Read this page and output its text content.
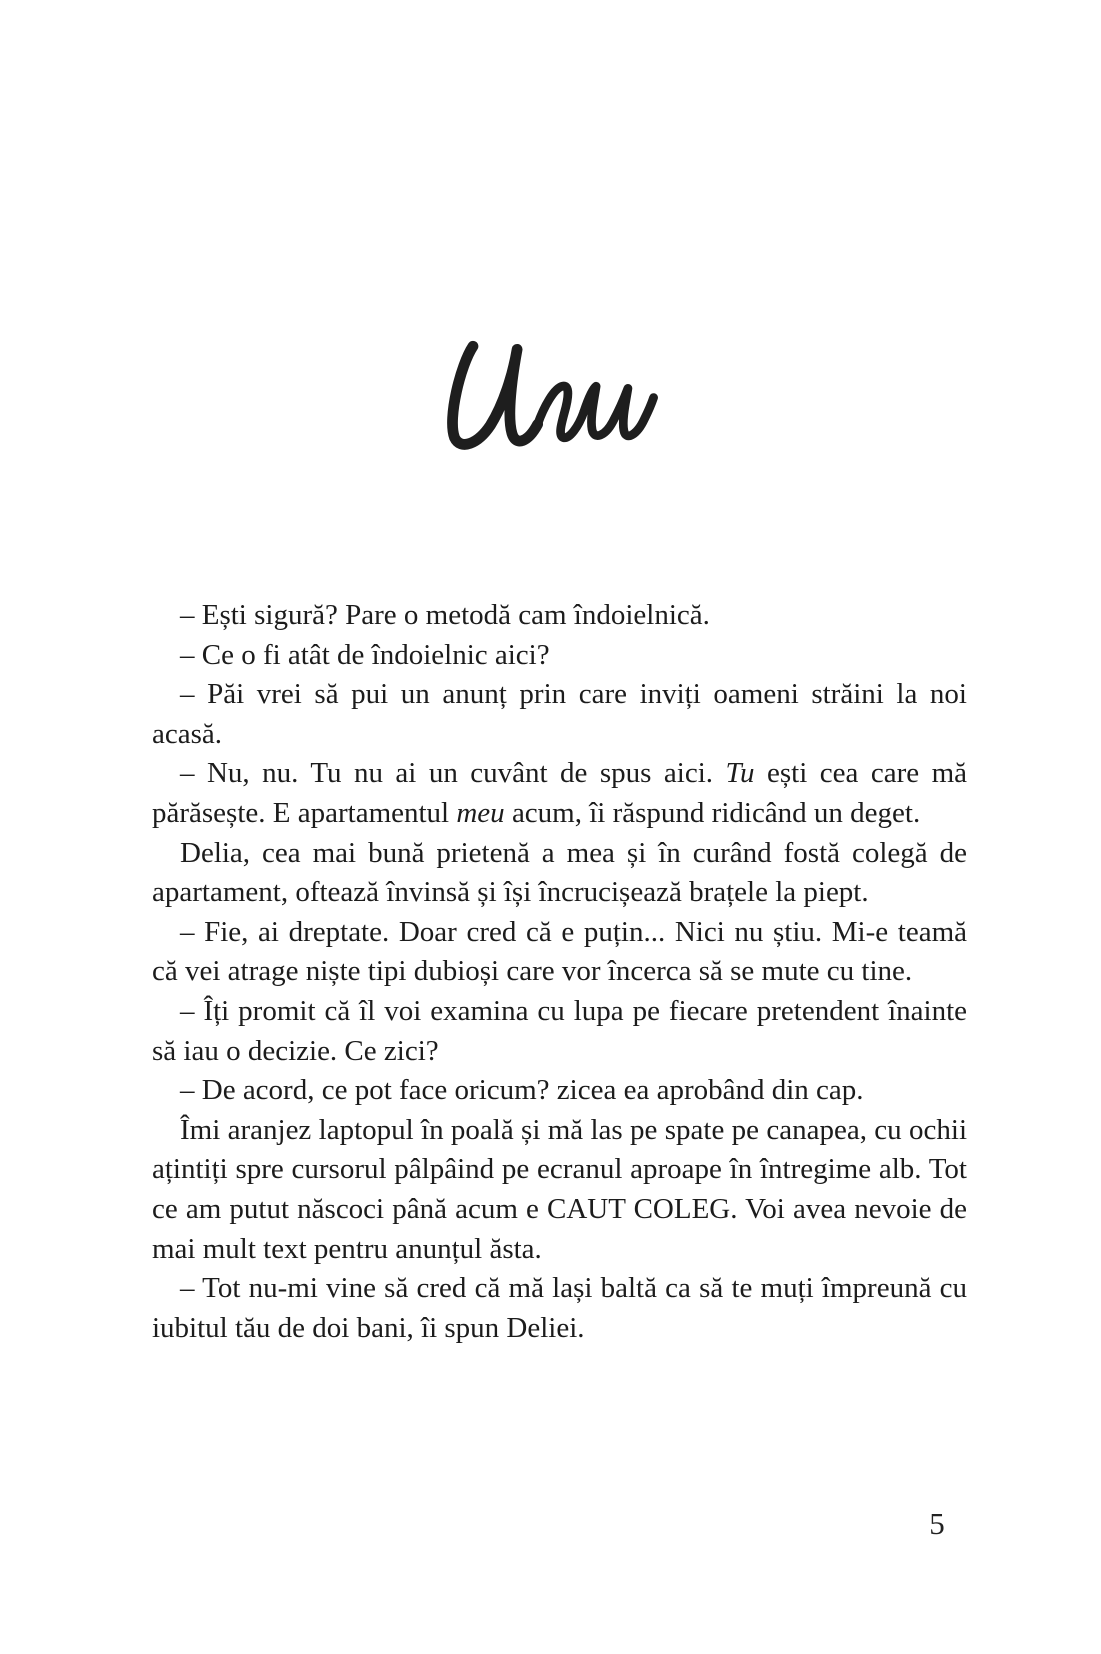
– Ești sigură? Pare o metodă cam îndoielnică.

– Ce o fi atât de îndoielnic aici?

– Păi vrei să pui un anunț prin care inviți oameni străini la noi acasă.

– Nu, nu. Tu nu ai un cuvânt de spus aici. Tu ești cea care mă părăsește. E apartamentul meu acum, îi răspund ridicând un deget.

Delia, cea mai bună prietenă a mea și în curând fostă colegă de apartament, oftează învinsă și își încrucișează brațele la piept.

– Fie, ai dreptate. Doar cred că e puțin... Nici nu știu. Mi-e teamă că vei atrage niște tipi dubioși care vor încerca să se mute cu tine.

– Îți promit că îl voi examina cu lupa pe fiecare pretendent înainte să iau o decizie. Ce zici?

– De acord, ce pot face oricum? zicea ea aprobând din cap.

Îmi aranjez laptopul în poală și mă las pe spate pe canapea, cu ochii ațintiți spre cursorul pâlpâind pe ecranul aproape în întregime alb. Tot ce am putut născoci până acum e CAUT COLEG. Voi avea nevoie de mai mult text pentru anunțul ăsta.

– Tot nu-mi vine să cred că mă lași baltă ca să te muți împreună cu iubitul tău de doi bani, îi spun Deliei.

5
